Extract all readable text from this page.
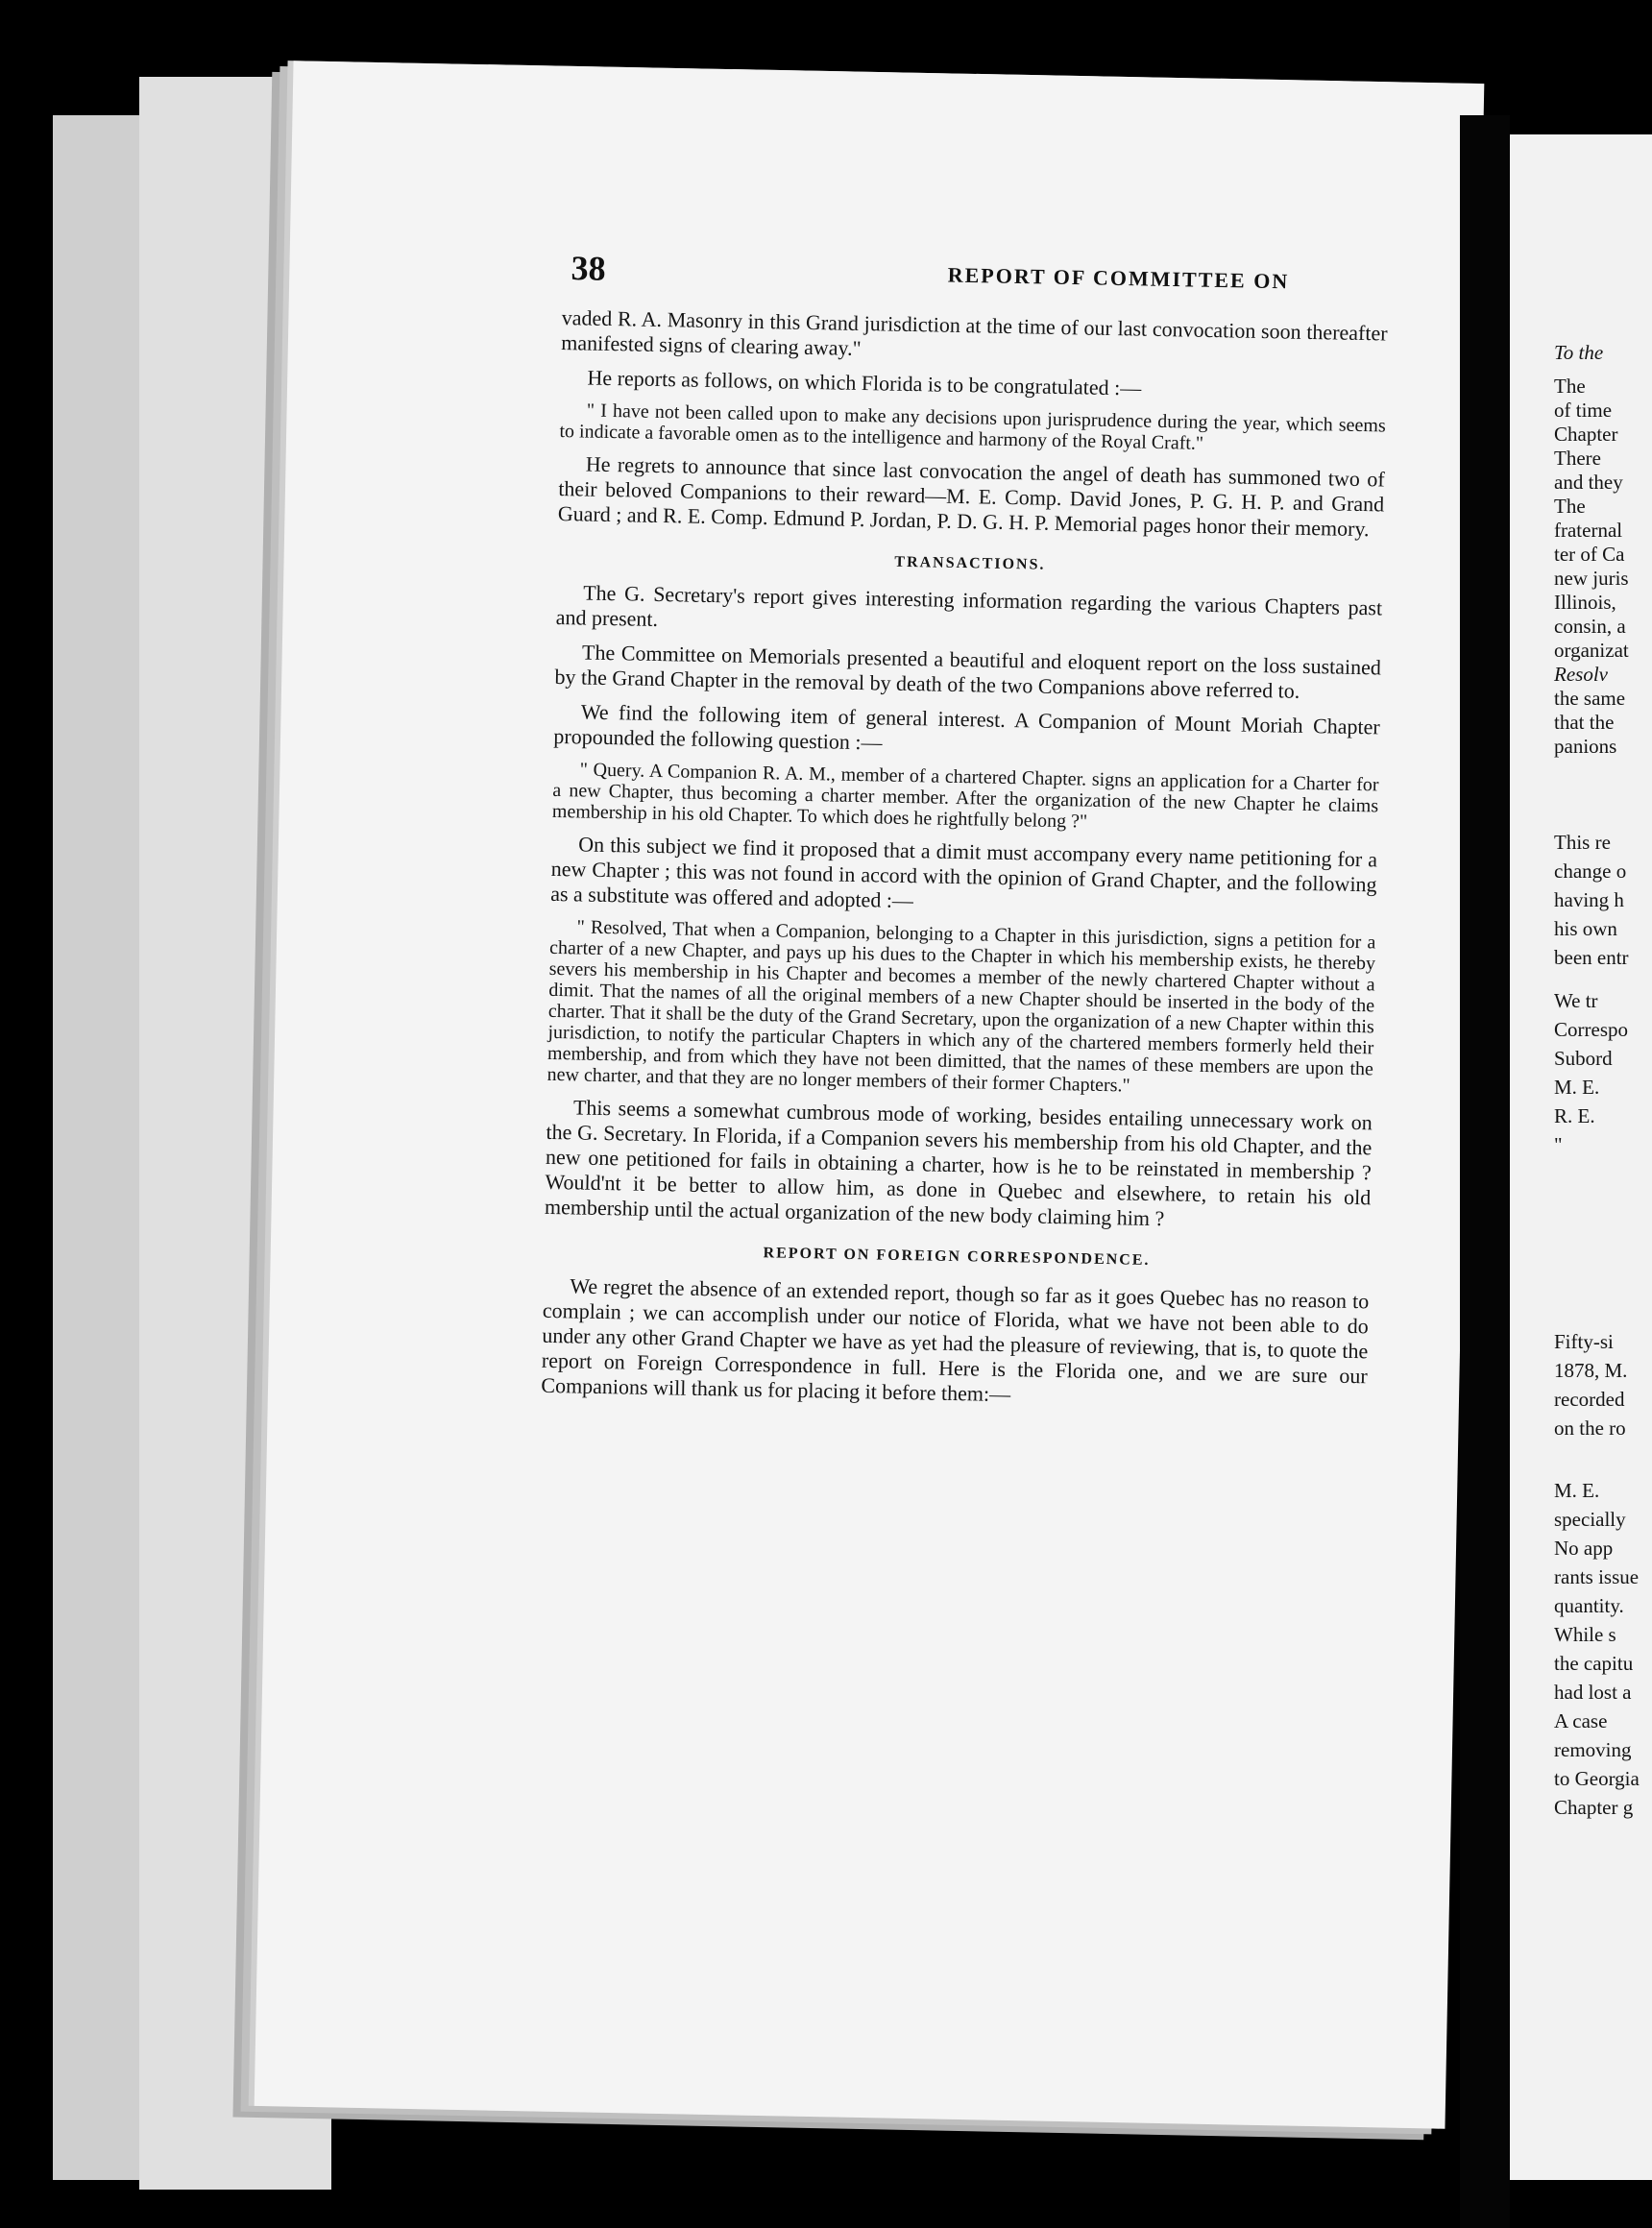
38	REPORT OF COMMITTEE ON

vaded R. A. Masonry in this Grand jurisdiction at the time of our last convocation soon thereafter manifested signs of clearing away."

He reports as follows, on which Florida is to be congratulated :—

" I have not been called upon to make any decisions upon jurisprudence during the year, which seems to indicate a favorable omen as to the intelligence and harmony of the Royal Craft."

He regrets to announce that since last convocation the angel of death has summoned two of their beloved Companions to their reward—M. E. Comp. David Jones, P. G. H. P. and Grand Guard ; and R. E. Comp. Edmund P. Jordan, P. D. G. H. P. Memorial pages honor their memory.

TRANSACTIONS.

The G. Secretary's report gives interesting information regarding the various Chapters past and present.

The Committee on Memorials presented a beautiful and eloquent report on the loss sustained by the Grand Chapter in the removal by death of the two Companions above referred to.

We find the following item of general interest. A Companion of Mount Moriah Chapter propounded the following question :—

" Query. A Companion R. A. M., member of a chartered Chapter. signs an application for a Charter for a new Chapter, thus becoming a charter member. After the organization of the new Chapter he claims membership in his old Chapter. To which does he rightfully belong ?"

On this subject we find it proposed that a dimit must accompany every name petitioning for a new Chapter ; this was not found in accord with the opinion of Grand Chapter, and the following as a substitute was offered and adopted :—

" Resolved, That when a Companion, belonging to a Chapter in this jurisdiction, signs a petition for a charter of a new Chapter, and pays up his dues to the Chapter in which his membership exists, he thereby severs his membership in his Chapter and becomes a member of the newly chartered Chapter without a dimit. That the names of all the original members of a new Chapter should be inserted in the body of the charter. That it shall be the duty of the Grand Secretary, upon the organization of a new Chapter within this jurisdiction, to notify the particular Chapters in which any of the chartered members formerly held their membership, and from which they have not been dimitted, that the names of these members are upon the new charter, and that they are no longer members of their former Chapters."

This seems a somewhat cumbrous mode of working, besides entailing unnecessary work on the G. Secretary. In Florida, if a Companion severs his membership from his old Chapter, and the new one petitioned for fails in obtaining a charter, how is he to be reinstated in membership ? Would'nt it be better to allow him, as done in Quebec and elsewhere, to retain his old membership until the actual organization of the new body claiming him ?

REPORT ON FOREIGN CORRESPONDENCE.

We regret the absence of an extended report, though so far as it goes Quebec has no reason to complain ; we can accomplish under our notice of Florida, what we have not been able to do under any other Grand Chapter we have as yet had the pleasure of reviewing, that is, to quote the report on Foreign Correspondence in full. Here is the Florida one, and we are sure our Companions will thank us for placing it before them:—

To the
The
of time
Chapter
There
and they
The
fraternal
ter of Ca
new juris
Illinois,
consin, a
organizat
Resolv
the same
that the
panions
This re
change o
having h
his own
been entr
We tr
Correspo
Subord
M. E.
R. E.
"
Fifty-si
1878, M.
recorded
on the ro
M. E.
specially
No app
rants issue
quantity.
While s
the capitu
had lost a
A case
removing
to Georgia
Chapter g
